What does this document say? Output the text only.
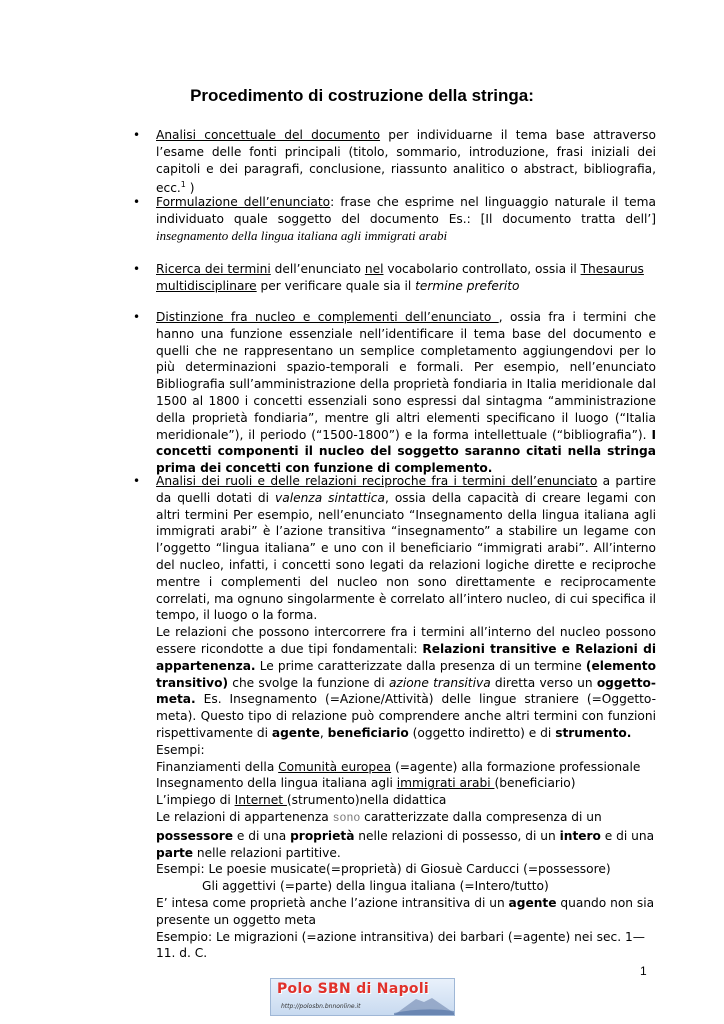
Procedimento di costruzione della stringa:
• Analisi concettuale del documento per individuarne il tema base attraverso l’esame delle fonti principali (titolo, sommario, introduzione, frasi iniziali dei capitoli e dei paragrafi, conclusione, riassunto analitico o abstract, bibliografia, ecc.$^1$ )
• Formulazione dell’enunciato: frase che esprime nel linguaggio naturale il tema individuato quale soggetto del documento Es.: [Il documento tratta dell’] insegnamento della lingua italiana agli immigrati arabi
• Ricerca dei termini dell’enunciato nel vocabolario controllato, ossia il Thesaurus multidisciplinare per verificare quale sia il termine preferito
• Distinzione fra nucleo e complementi dell’enunciato , ossia fra i termini che hanno una funzione essenziale nell’identificare il tema base del documento e quelli che ne rappresentano un semplice completamento aggiungendovi per lo più determinazioni spazio-temporali e formali. Per esempio, nell’enunciato Bibliografia sull’amministrazione della proprietà fondiaria in Italia meridionale dal 1500 al 1800 i concetti essenziali sono espressi dal sintagma “amministrazione della proprietà fondiaria”, mentre gli altri elementi specificano il luogo (“Italia meridionale”), il periodo (“1500-1800”) e la forma intellettuale (“bibliografia”). I concetti componenti il nucleo del soggetto saranno citati nella stringa prima dei concetti con funzione di complemento.
• Analisi dei ruoli e delle relazioni reciproche fra i termini dell’enunciato a partire da quelli dotati di valenza sintattica, ossia della capacità di creare legami con altri termini Per esempio, nell’enunciato “Insegnamento della lingua italiana agli immigrati arabi” è l’azione transitiva “insegnamento” a stabilire un legame con l’oggetto “lingua italiana” e uno con il beneficiario “immigrati arabi”. All’interno del nucleo, infatti, i concetti sono legati da relazioni logiche dirette e reciproche mentre i complementi del nucleo non sono direttamente e reciprocamente correlati, ma ognuno singolarmente è correlato all’intero nucleo, di cui specifica il tempo, il luogo o la forma.
Le relazioni che possono intercorrere fra i termini all’interno del nucleo possono essere ricondotte a due tipi fondamentali: Relazioni transitive e Relazioni di appartenenza. Le prime caratterizzate dalla presenza di un termine (elemento transitivo) che svolge la funzione di azione transitiva diretta verso un oggetto-meta. Es. Insegnamento (=Azione/Attività) delle lingue straniere (=Oggetto-meta). Questo tipo di relazione può comprendere anche altri termini con funzioni rispettivamente di agente, beneficiario (oggetto indiretto) e di strumento.
Esempi:
Finanziamenti della Comunità europea (=agente) alla formazione professionale
Insegnamento della lingua italiana agli immigrati arabi (beneficiario)
L’impiego di Internet (strumento)nella didattica
Le relazioni di appartenenza sono caratterizzate dalla compresenza di un possessore e di una proprietà nelle relazioni di possesso, di un intero e di una parte nelle relazioni partitive.
Esempi: Le poesie musicate(=proprietà) di Giosuè Carducci (=possessore)
Gli aggettivi (=parte) della lingua italiana (=Intero/tutto)
E’ intesa come proprietà anche l’azione intransitiva di un agente quando non sia presente un oggetto meta
Esempio: Le migrazioni (=azione intransitiva) dei barbari (=agente) nei sec. 1—11. d. C.
1
Polo SBN di Napoli
http://polosbn.bnnonline.it
